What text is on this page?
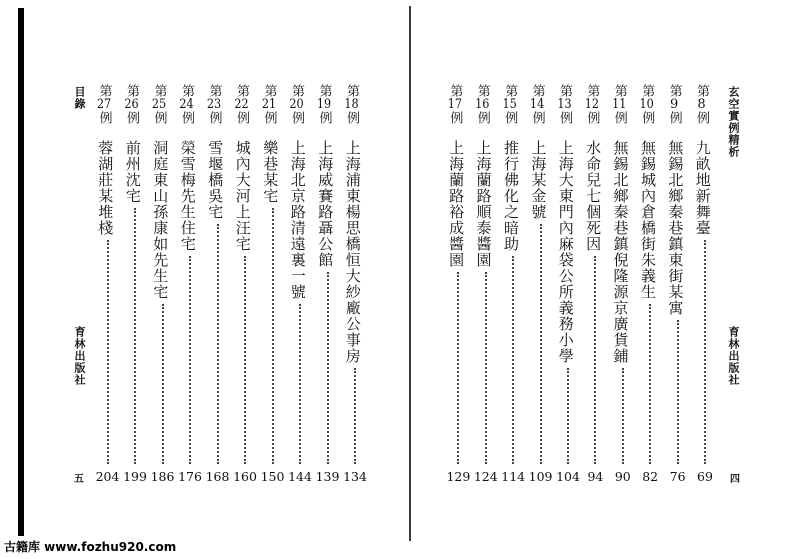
目錄
育林出版社
五
第18例
上海浦東楊思橋恒大紗廠公事房
134
第19例
上海威賽路聶公館
139
第20例
上海北京路清遠裏一號
144
第21例
樂巷某宅
150
第22例
城內大河上汪宅
160
第23例
雪堰橋吳宅
168
第24例
榮雪梅先生住宅
176
第25例
洞庭東山孫康如先生宅
186
第26例
前州沈宅
199
第27例
蓉湖莊某堆棧
204
玄空實例精析
育林出版社
四
第8例
九畝地新舞臺
69
第9例
無錫北鄉秦巷鎮東街某寓
76
第10例
無錫城內倉橋街朱義生
82
第11例
無錫北鄉秦巷鎮倪隆源京廣貨鋪
90
第12例
水命兒七個死因
94
第13例
上海大東門內麻袋公所義務小學
104
第14例
上海某金號
109
第15例
推行佛化之暗助
114
第16例
上海蘭路順泰醬園
124
第17例
上海蘭路裕成醬園
129
古籍库 www.fozhu920.com
